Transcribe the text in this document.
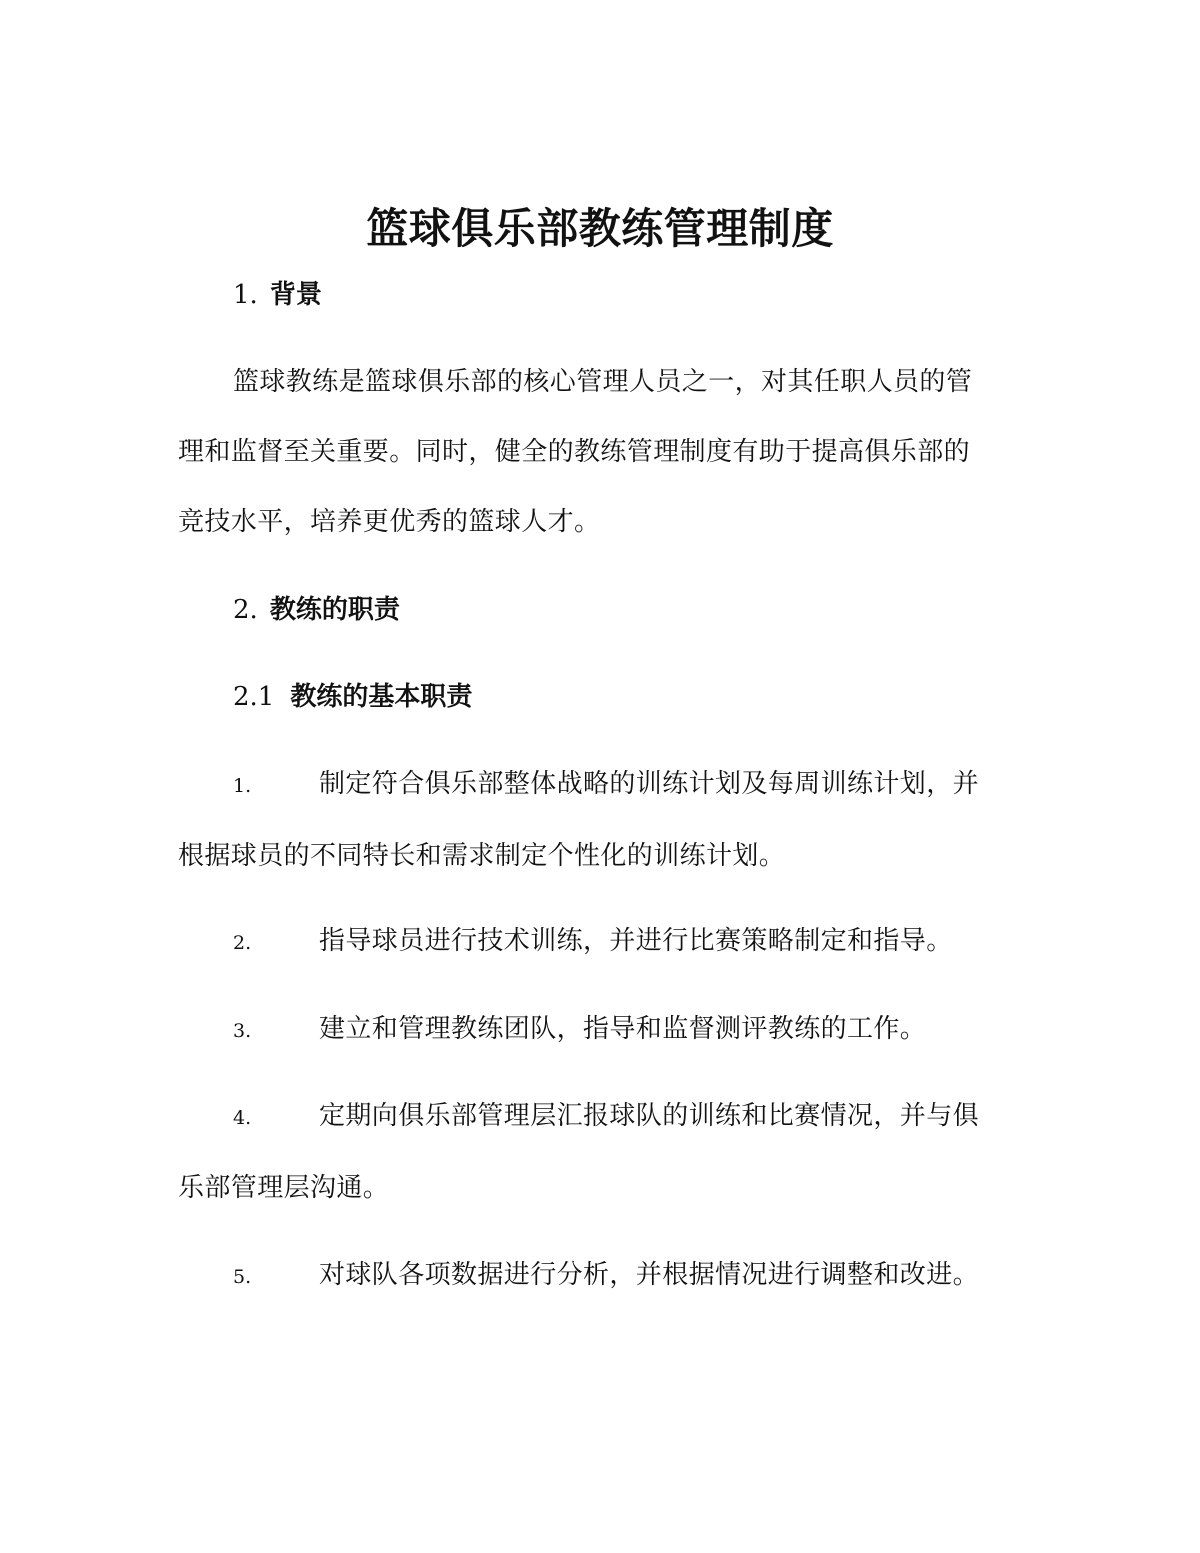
篮球俱乐部教练管理制度
1. 背景
篮球教练是篮球俱乐部的核心管理人员之一，对其任职人员的管
理和监督至关重要。同时，健全的教练管理制度有助于提高俱乐部的
竞技水平，培养更优秀的篮球人才。
2. 教练的职责
2.1 教练的基本职责
1.	制定符合俱乐部整体战略的训练计划及每周训练计划，并
根据球员的不同特长和需求制定个性化的训练计划。
2.	指导球员进行技术训练，并进行比赛策略制定和指导。
3.	建立和管理教练团队，指导和监督测评教练的工作。
4.	定期向俱乐部管理层汇报球队的训练和比赛情况，并与俱
乐部管理层沟通。
5.	对球队各项数据进行分析，并根据情况进行调整和改进。
